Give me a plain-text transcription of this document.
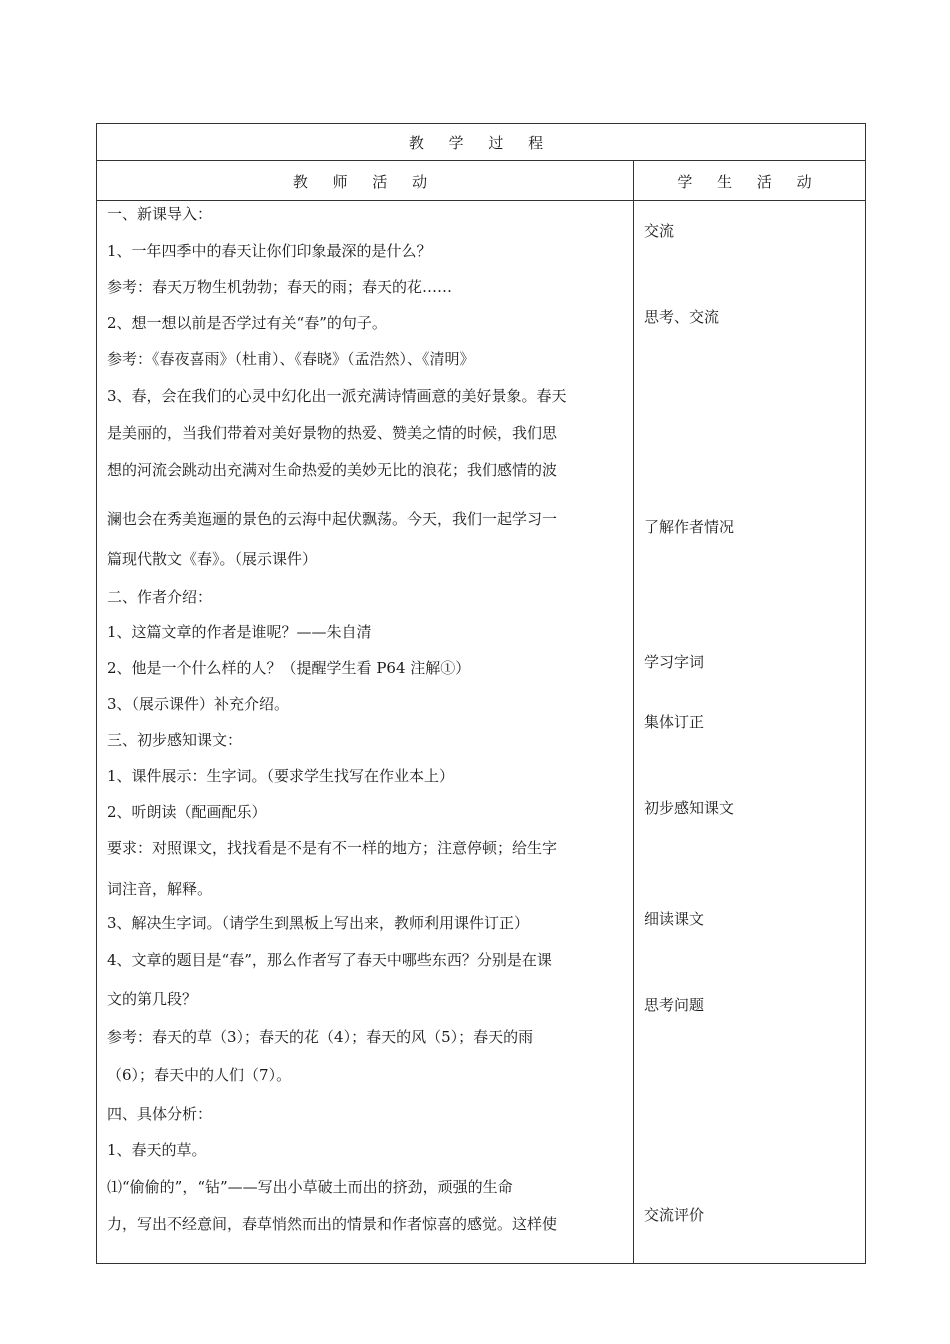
教 学 过 程
教 师 活 动	学 生 活 动
一、新课导入：
1、一年四季中的春天让你们印象最深的是什么？
参考：春天万物生机勃勃；春天的雨；春天的花……
2、想一想以前是否学过有关“春”的句子。
参考：《春夜喜雨》（杜甫）、《春晓》（孟浩然）、《清明》
3、春，会在我们的心灵中幻化出一派充满诗情画意的美好景象。春天
是美丽的，当我们带着对美好景物的热爱、赞美之情的时候，我们思
想的河流会跳动出充满对生命热爱的美妙无比的浪花；我们感情的波
澜也会在秀美迤逦的景色的云海中起伏飘荡。今天，我们一起学习一
篇现代散文《春》。（展示课件）
二、作者介绍：
1、这篇文章的作者是谁呢？——朱自清
2、他是一个什么样的人？（提醒学生看 P64 注解①）
3、（展示课件）补充介绍。
三、初步感知课文：
1、课件展示：生字词。（要求学生找写在作业本上）
2、听朗读（配画配乐）
要求：对照课文，找找看是不是有不一样的地方；注意停顿；给生字
词注音，解释。
3、解决生字词。（请学生到黑板上写出来，教师利用课件订正）
4、文章的题目是“春”，那么作者写了春天中哪些东西？分别是在课
文的第几段？
参考：春天的草（3）；春天的花（4）；春天的风（5）；春天的雨
（6）；春天中的人们（7）。
四、具体分析：
1、春天的草。
⑴“偷偷的”，“钻”——写出小草破土而出的挤劲，顽强的生命
力，写出不经意间，春草悄然而出的情景和作者惊喜的感觉。这样使
交流
思考、交流
了解作者情况
学习字词
集体订正
初步感知课文
细读课文
思考问题
交流评价
